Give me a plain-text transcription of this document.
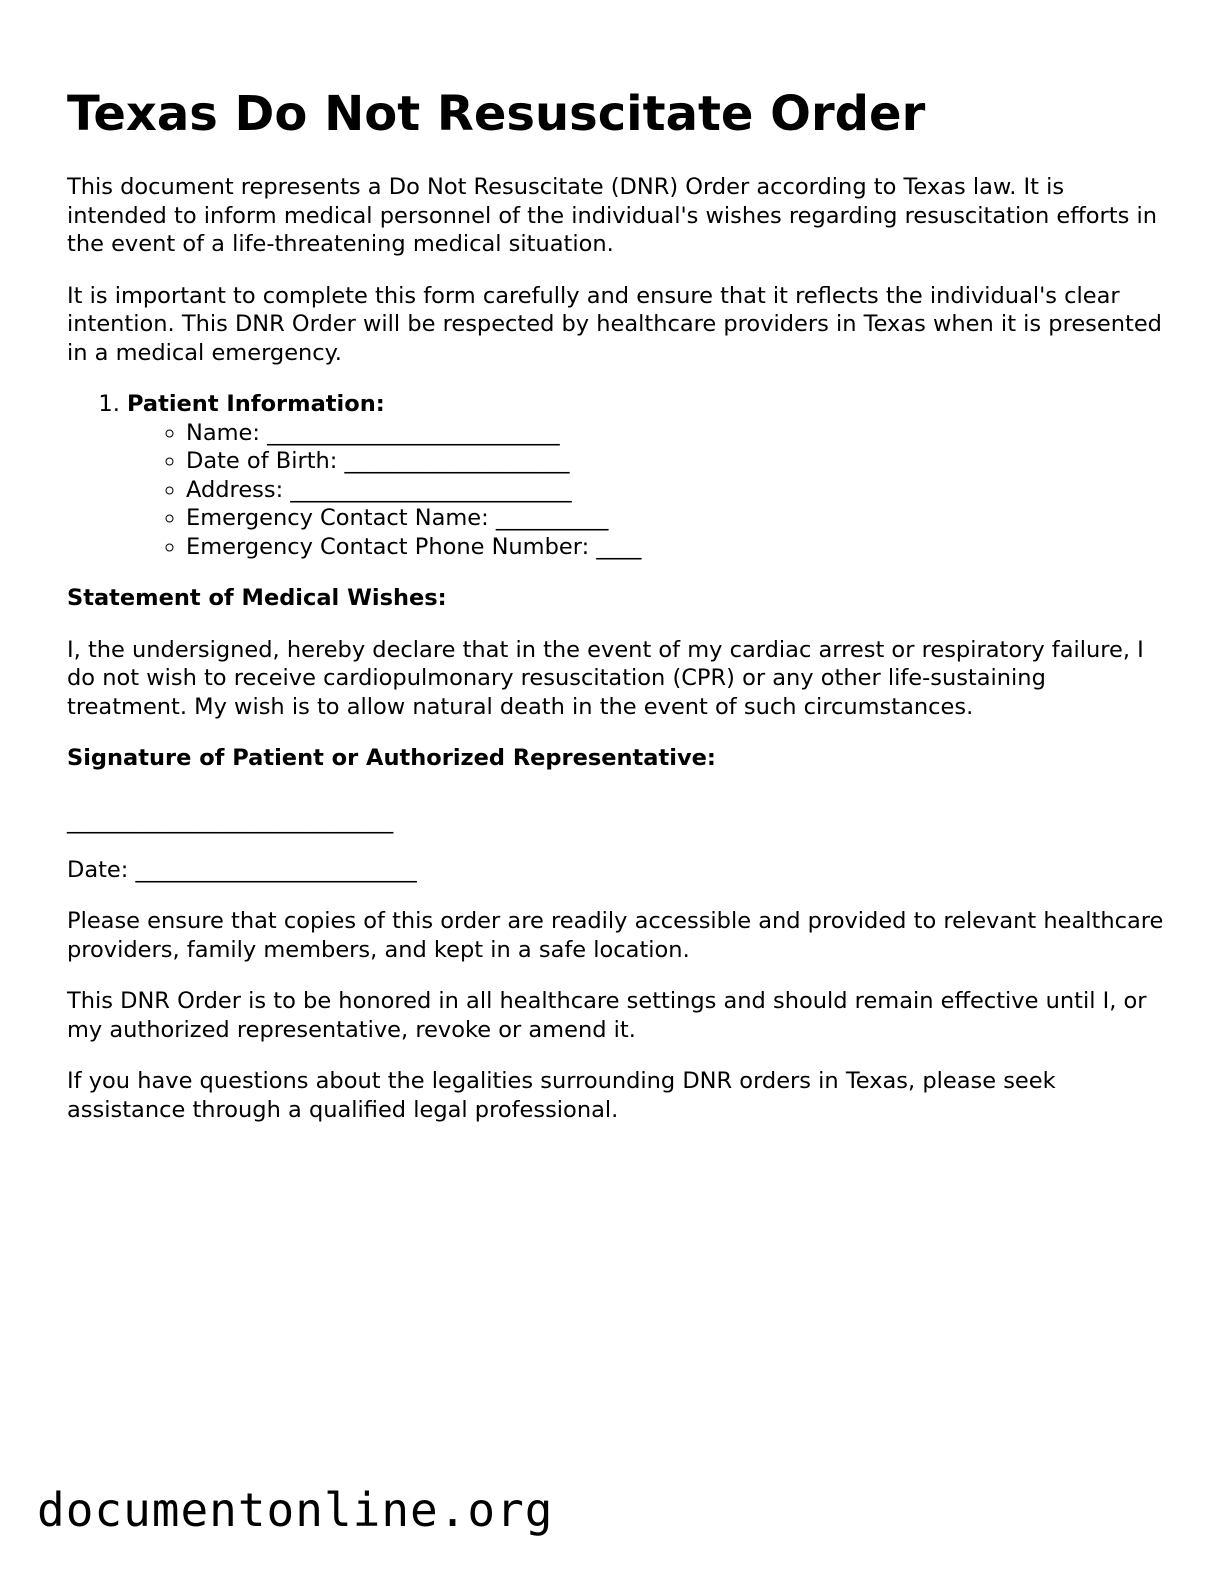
Texas Do Not Resuscitate Order

This document represents a Do Not Resuscitate (DNR) Order according to Texas law. It is intended to inform medical personnel of the individual's wishes regarding resuscitation efforts in the event of a life-threatening medical situation.

It is important to complete this form carefully and ensure that it reflects the individual's clear intention. This DNR Order will be respected by healthcare providers in Texas when it is presented in a medical emergency.

1. Patient Information:
◦ Name: __________________________
◦ Date of Birth: ____________________
◦ Address: _________________________
◦ Emergency Contact Name: __________
◦ Emergency Contact Phone Number: ____

Statement of Medical Wishes:

I, the undersigned, hereby declare that in the event of my cardiac arrest or respiratory failure, I do not wish to receive cardiopulmonary resuscitation (CPR) or any other life-sustaining treatment. My wish is to allow natural death in the event of such circumstances.

Signature of Patient or Authorized Representative:

_____________________________

Date: _________________________

Please ensure that copies of this order are readily accessible and provided to relevant healthcare providers, family members, and kept in a safe location.

This DNR Order is to be honored in all healthcare settings and should remain effective until I, or my authorized representative, revoke or amend it.

If you have questions about the legalities surrounding DNR orders in Texas, please seek assistance through a qualified legal professional.

documentonline.org
